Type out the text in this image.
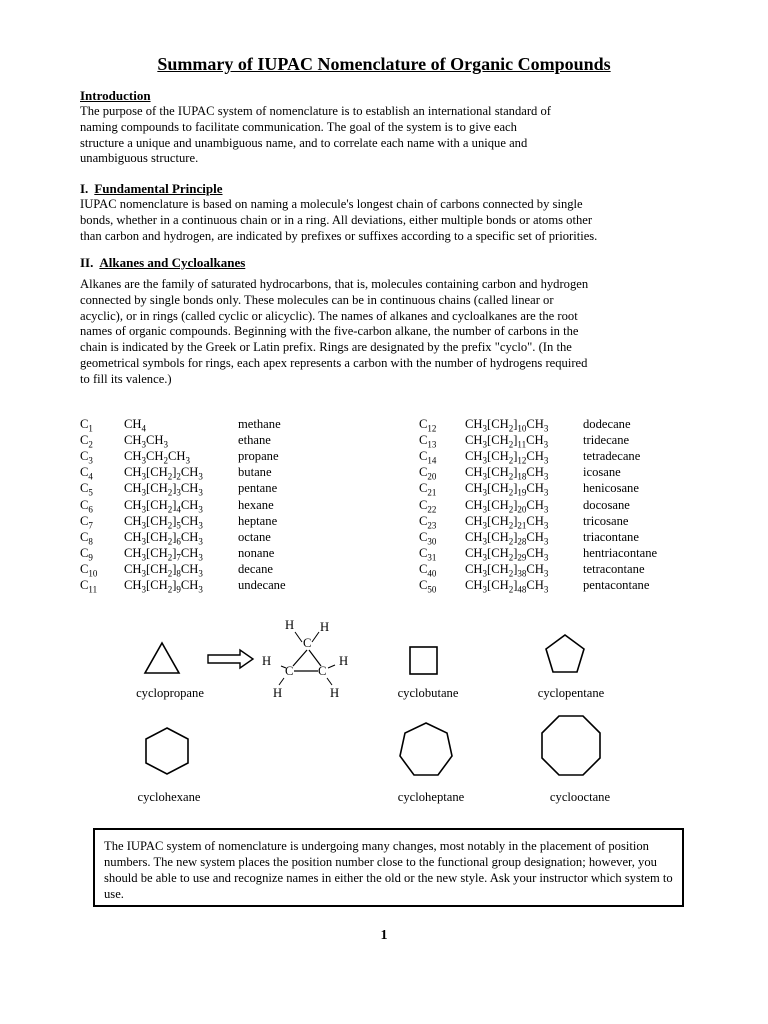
Summary of IUPAC Nomenclature of Organic Compounds
Introduction
The purpose of the IUPAC system of nomenclature is to establish an international standard of
naming compounds to facilitate communication. The goal of the system is to give each
structure a unique and unambiguous name, and to correlate each name with a unique and
unambiguous structure.
I. Fundamental Principle
IUPAC nomenclature is based on naming a molecule's longest chain of carbons connected by single
bonds, whether in a continuous chain or in a ring. All deviations, either multiple bonds or atoms other
than carbon and hydrogen, are indicated by prefixes or suffixes according to a specific set of priorities.
II. Alkanes and Cycloalkanes
Alkanes are the family of saturated hydrocarbons, that is, molecules containing carbon and hydrogen
connected by single bonds only. These molecules can be in continuous chains (called linear or
acyclic), or in rings (called cyclic or alicyclic). The names of alkanes and cycloalkanes are the root
names of organic compounds. Beginning with the five-carbon alkane, the number of carbons in the
chain is indicated by the Greek or Latin prefix. Rings are designated by the prefix "cyclo". (In the
geometrical symbols for rings, each apex represents a carbon with the number of hydrogens required
to fill its valence.)
$C_1$ $CH_4$	methane
$C_2$ $CH_3CH_3$	ethane
$C_3$ $CH_3CH_2CH_3$	propane
$C_4$ $CH_3[CH_2]_2CH_3$	butane
$C_5$ $CH_3[CH_2]_3CH_3$	pentane
$C_6$ $CH_3[CH_2]_4CH_3$	hexane
$C_7$ $CH_3[CH_2]_5CH_3$	heptane
$C_8$ $CH_3[CH_2]_6CH_3$	octane
$C_9$ $CH_3[CH_2]_7CH_3$	nonane
$C_{10}$ $CH_3[CH_2]_8CH_3$	decane
$C_{11}$ $CH_3[CH_2]_9CH_3$	undecane
$C_{12}$ $CH_3[CH_2]_{10}CH_3$	dodecane
$C_{13}$ $CH_3[CH_2]_{11}CH_3$	tridecane
$C_{14}$ $CH_3[CH_2]_{12}CH_3$	tetradecane
$C_{20}$ $CH_3[CH_2]_{18}CH_3$	icosane
$C_{21}$ $CH_3[CH_2]_{19}CH_3$	henicosane
$C_{22}$ $CH_3[CH_2]_{20}CH_3$	docosane
$C_{23}$ $CH_3[CH_2]_{21}CH_3$	tricosane
$C_{30}$ $CH_3[CH_2]_{28}CH_3$	triacontane
$C_{31}$ $CH_3[CH_2]_{29}CH_3$	hentriacontane
$C_{40}$ $CH_3[CH_2]_{38}CH_3$	tetracontane
$C_{50}$ $CH_3[CH_2]_{48}CH_3$	pentacontane
cyclopropane
C
C C
H H
H	H
H	H	cyclobutane	cyclopentane
cyclohexane	cycloheptane	cyclooctane

The IUPAC system of nomenclature is undergoing many changes, most notably in the placement of position numbers. The new system places the position number close to the functional group designation; however, you should be able to use and recognize names in either the old or the new style. Ask your instructor which system to use.

1
